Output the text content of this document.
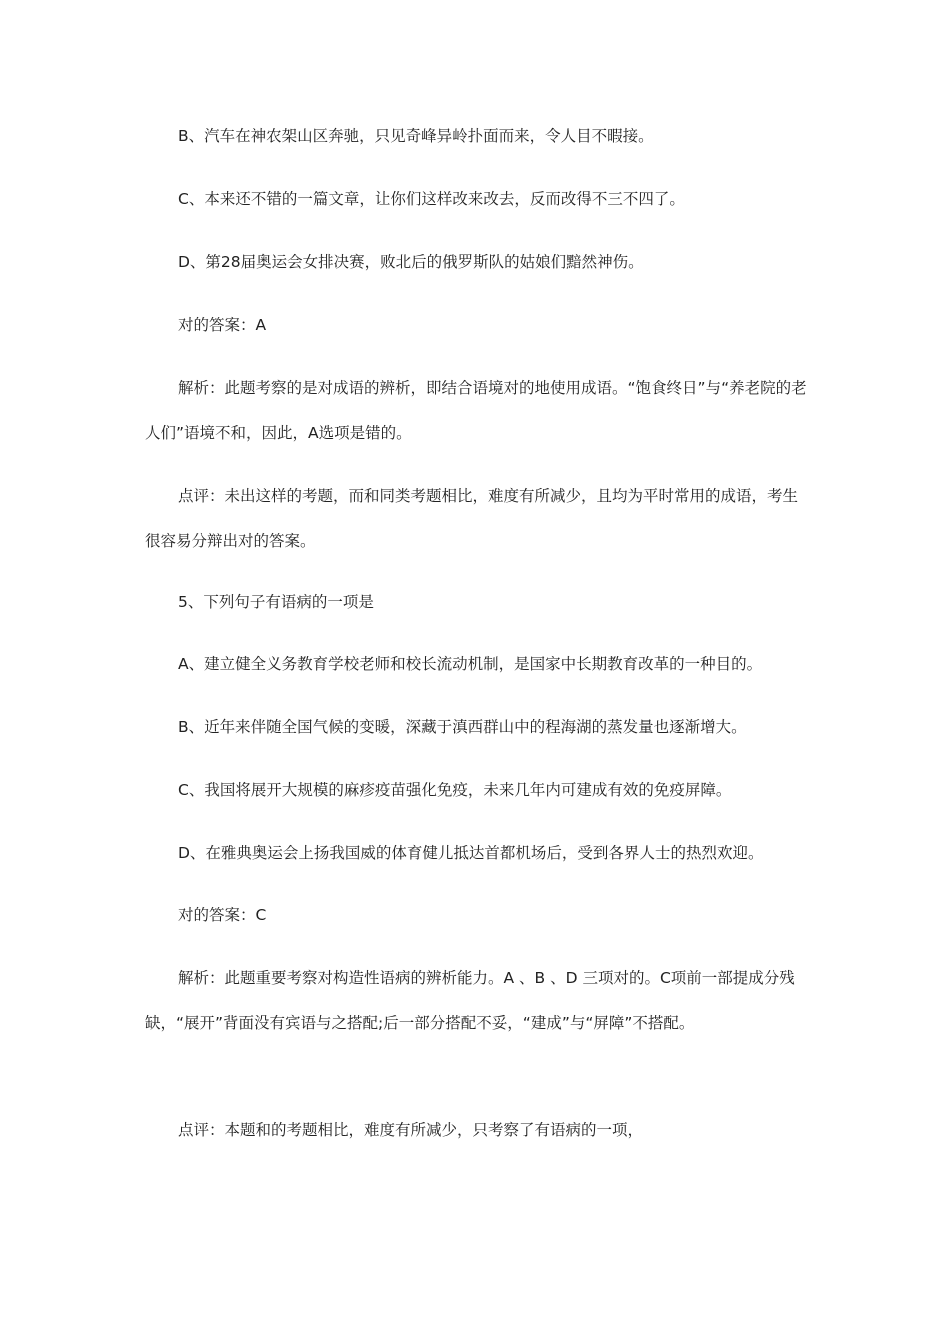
B、汽车在神农架山区奔驰，只见奇峰异岭扑面而来，令人目不暇接。

C、本来还不错的一篇文章，让你们这样改来改去，反而改得不三不四了。

D、第28届奥运会女排决赛，败北后的俄罗斯队的姑娘们黯然神伤。

对的答案：A

解析：此题考察的是对成语的辨析，即结合语境对的地使用成语。“饱食终日”与“养老院的老人们”语境不和，因此，A选项是错的。

点评：未出这样的考题，而和同类考题相比，难度有所减少，且均为平时常用的成语，考生很容易分辩出对的答案。

5、下列句子有语病的一项是

A、建立健全义务教育学校老师和校长流动机制，是国家中长期教育改革的一种目的。

B、近年来伴随全国气候的变暖，深藏于滇西群山中的程海湖的蒸发量也逐渐增大。

C、我国将展开大规模的麻疹疫苗强化免疫，未来几年内可建成有效的免疫屏障。

D、在雅典奥运会上扬我国威的体育健儿抵达首都机场后，受到各界人士的热烈欢迎。

对的答案：C

解析：此题重要考察对构造性语病的辨析能力。A 、B 、D 三项对的。C项前一部提成分残缺，“展开”背面没有宾语与之搭配;后一部分搭配不妥，“建成”与“屏障”不搭配。

点评：本题和的考题相比，难度有所减少，只考察了有语病的一项，
